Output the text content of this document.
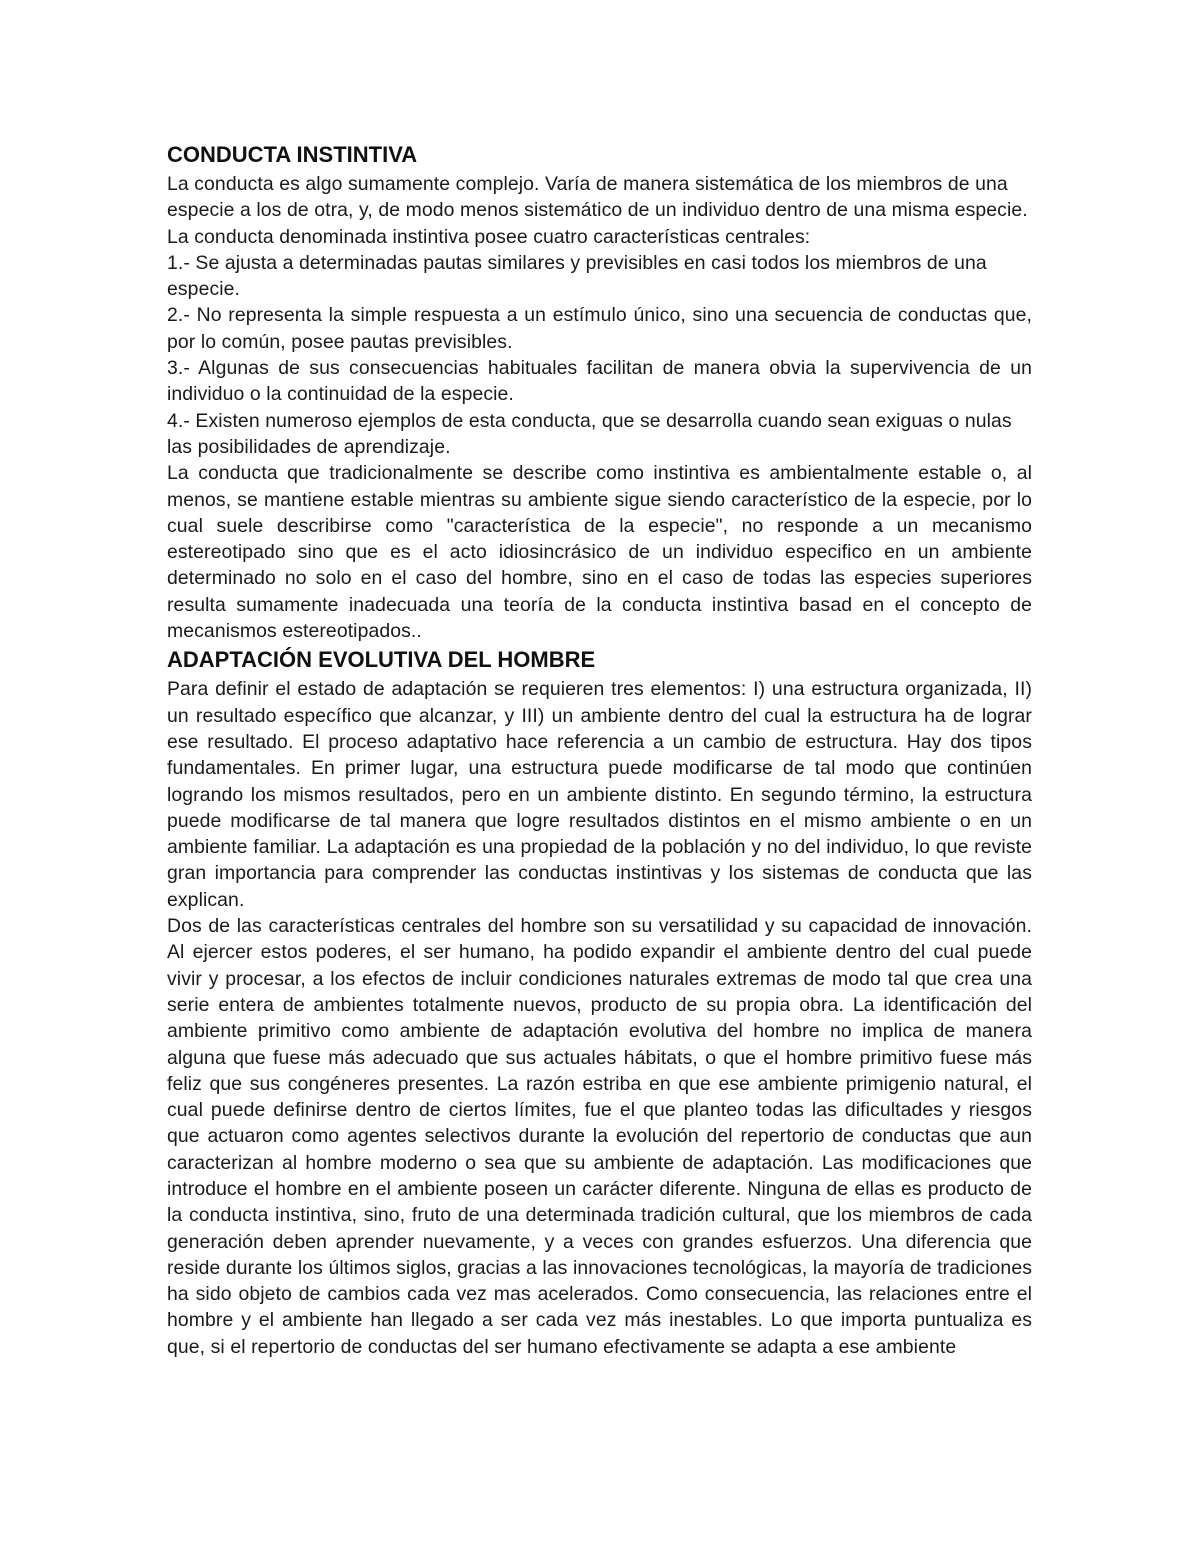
CONDUCTA INSTINTIVA

La conducta es algo sumamente complejo. Varía de manera sistemática de los miembros de una especie a los de otra, y, de modo menos sistemático de un individuo dentro de una misma especie. La conducta denominada instintiva posee cuatro características centrales:

1.- Se ajusta a determinadas pautas similares y previsibles en casi todos los miembros de una especie.

2.- No representa la simple respuesta a un estímulo único, sino una secuencia de conductas que, por lo común, posee pautas previsibles.

3.- Algunas de sus consecuencias habituales facilitan de manera obvia la supervivencia de un individuo o la continuidad de la especie.

4.- Existen numeroso ejemplos de esta conducta, que se desarrolla cuando sean exiguas o nulas las posibilidades de aprendizaje.

La conducta que tradicionalmente se describe como instintiva es ambientalmente estable o, al menos, se mantiene estable mientras su ambiente sigue siendo característico de la especie, por lo cual suele describirse como "característica de la especie", no responde a un mecanismo estereotipado sino que es el acto idiosincrásico de un individuo especifico en un ambiente determinado no solo en el caso del hombre, sino en el caso de todas las especies superiores resulta sumamente inadecuada una teoría de la conducta instintiva basad en el concepto de mecanismos estereotipados..

ADAPTACIÓN EVOLUTIVA DEL HOMBRE

Para definir el estado de adaptación se requieren tres elementos: I) una estructura organizada, II) un resultado específico que alcanzar, y III) un ambiente dentro del cual la estructura ha de lograr ese resultado. El proceso adaptativo hace referencia a un cambio de estructura. Hay dos tipos fundamentales. En primer lugar, una estructura puede modificarse de tal modo que continúen logrando los mismos resultados, pero en un ambiente distinto. En segundo término, la estructura puede modificarse de tal manera que logre resultados distintos en el mismo ambiente o en un ambiente familiar. La adaptación es una propiedad de la población y no del individuo, lo que reviste gran importancia para comprender las conductas instintivas y los sistemas de conducta que las explican.

Dos de las características centrales del hombre son su versatilidad y su capacidad de innovación. Al ejercer estos poderes, el ser humano, ha podido expandir el ambiente dentro del cual puede vivir y procesar, a los efectos de incluir condiciones naturales extremas de modo tal que crea una serie entera de ambientes totalmente nuevos, producto de su propia obra. La identificación del ambiente primitivo como ambiente de adaptación evolutiva del hombre no implica de manera alguna que fuese más adecuado que sus actuales hábitats, o que el hombre primitivo fuese más feliz que sus congéneres presentes. La razón estriba en que ese ambiente primigenio natural, el cual puede definirse dentro de ciertos límites, fue el que planteo todas las dificultades y riesgos que actuaron como agentes selectivos durante la evolución del repertorio de conductas que aun caracterizan al hombre moderno o sea que su ambiente de adaptación. Las modificaciones que introduce el hombre en el ambiente poseen un carácter diferente. Ninguna de ellas es producto de la conducta instintiva, sino, fruto de una determinada tradición cultural, que los miembros de cada generación deben aprender nuevamente, y a veces con grandes esfuerzos. Una diferencia que reside durante los últimos siglos, gracias a las innovaciones tecnológicas, la mayoría de tradiciones ha sido objeto de cambios cada vez mas acelerados. Como consecuencia, las relaciones entre el hombre y el ambiente han llegado a ser cada vez más inestables. Lo que importa puntualiza es que, si el repertorio de conductas del ser humano efectivamente se adapta a ese ambiente
